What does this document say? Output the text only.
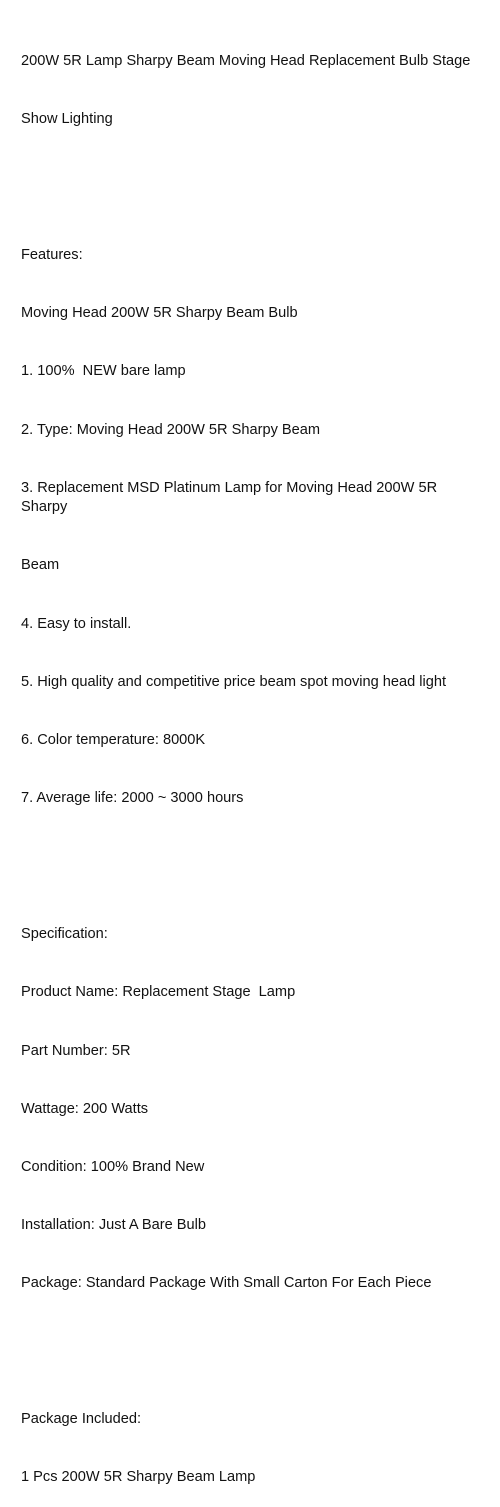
200W 5R Lamp Sharpy Beam Moving Head Replacement Bulb Stage

Show Lighting

Features:

Moving Head 200W 5R Sharpy Beam Bulb

1. 100%  NEW bare lamp

2. Type: Moving Head 200W 5R Sharpy Beam

3. Replacement MSD Platinum Lamp for Moving Head 200W 5R Sharpy

Beam

4. Easy to install.

5. High quality and competitive price beam spot moving head light

6. Color temperature: 8000K

7. Average life: 2000 ~ 3000 hours

Specification:

Product Name: Replacement Stage  Lamp

Part Number: 5R

Wattage: 200 Watts

Condition: 100% Brand New

Installation: Just A Bare Bulb

Package: Standard Package With Small Carton For Each Piece

Package Included:

1 Pcs 200W 5R Sharpy Beam Lamp
